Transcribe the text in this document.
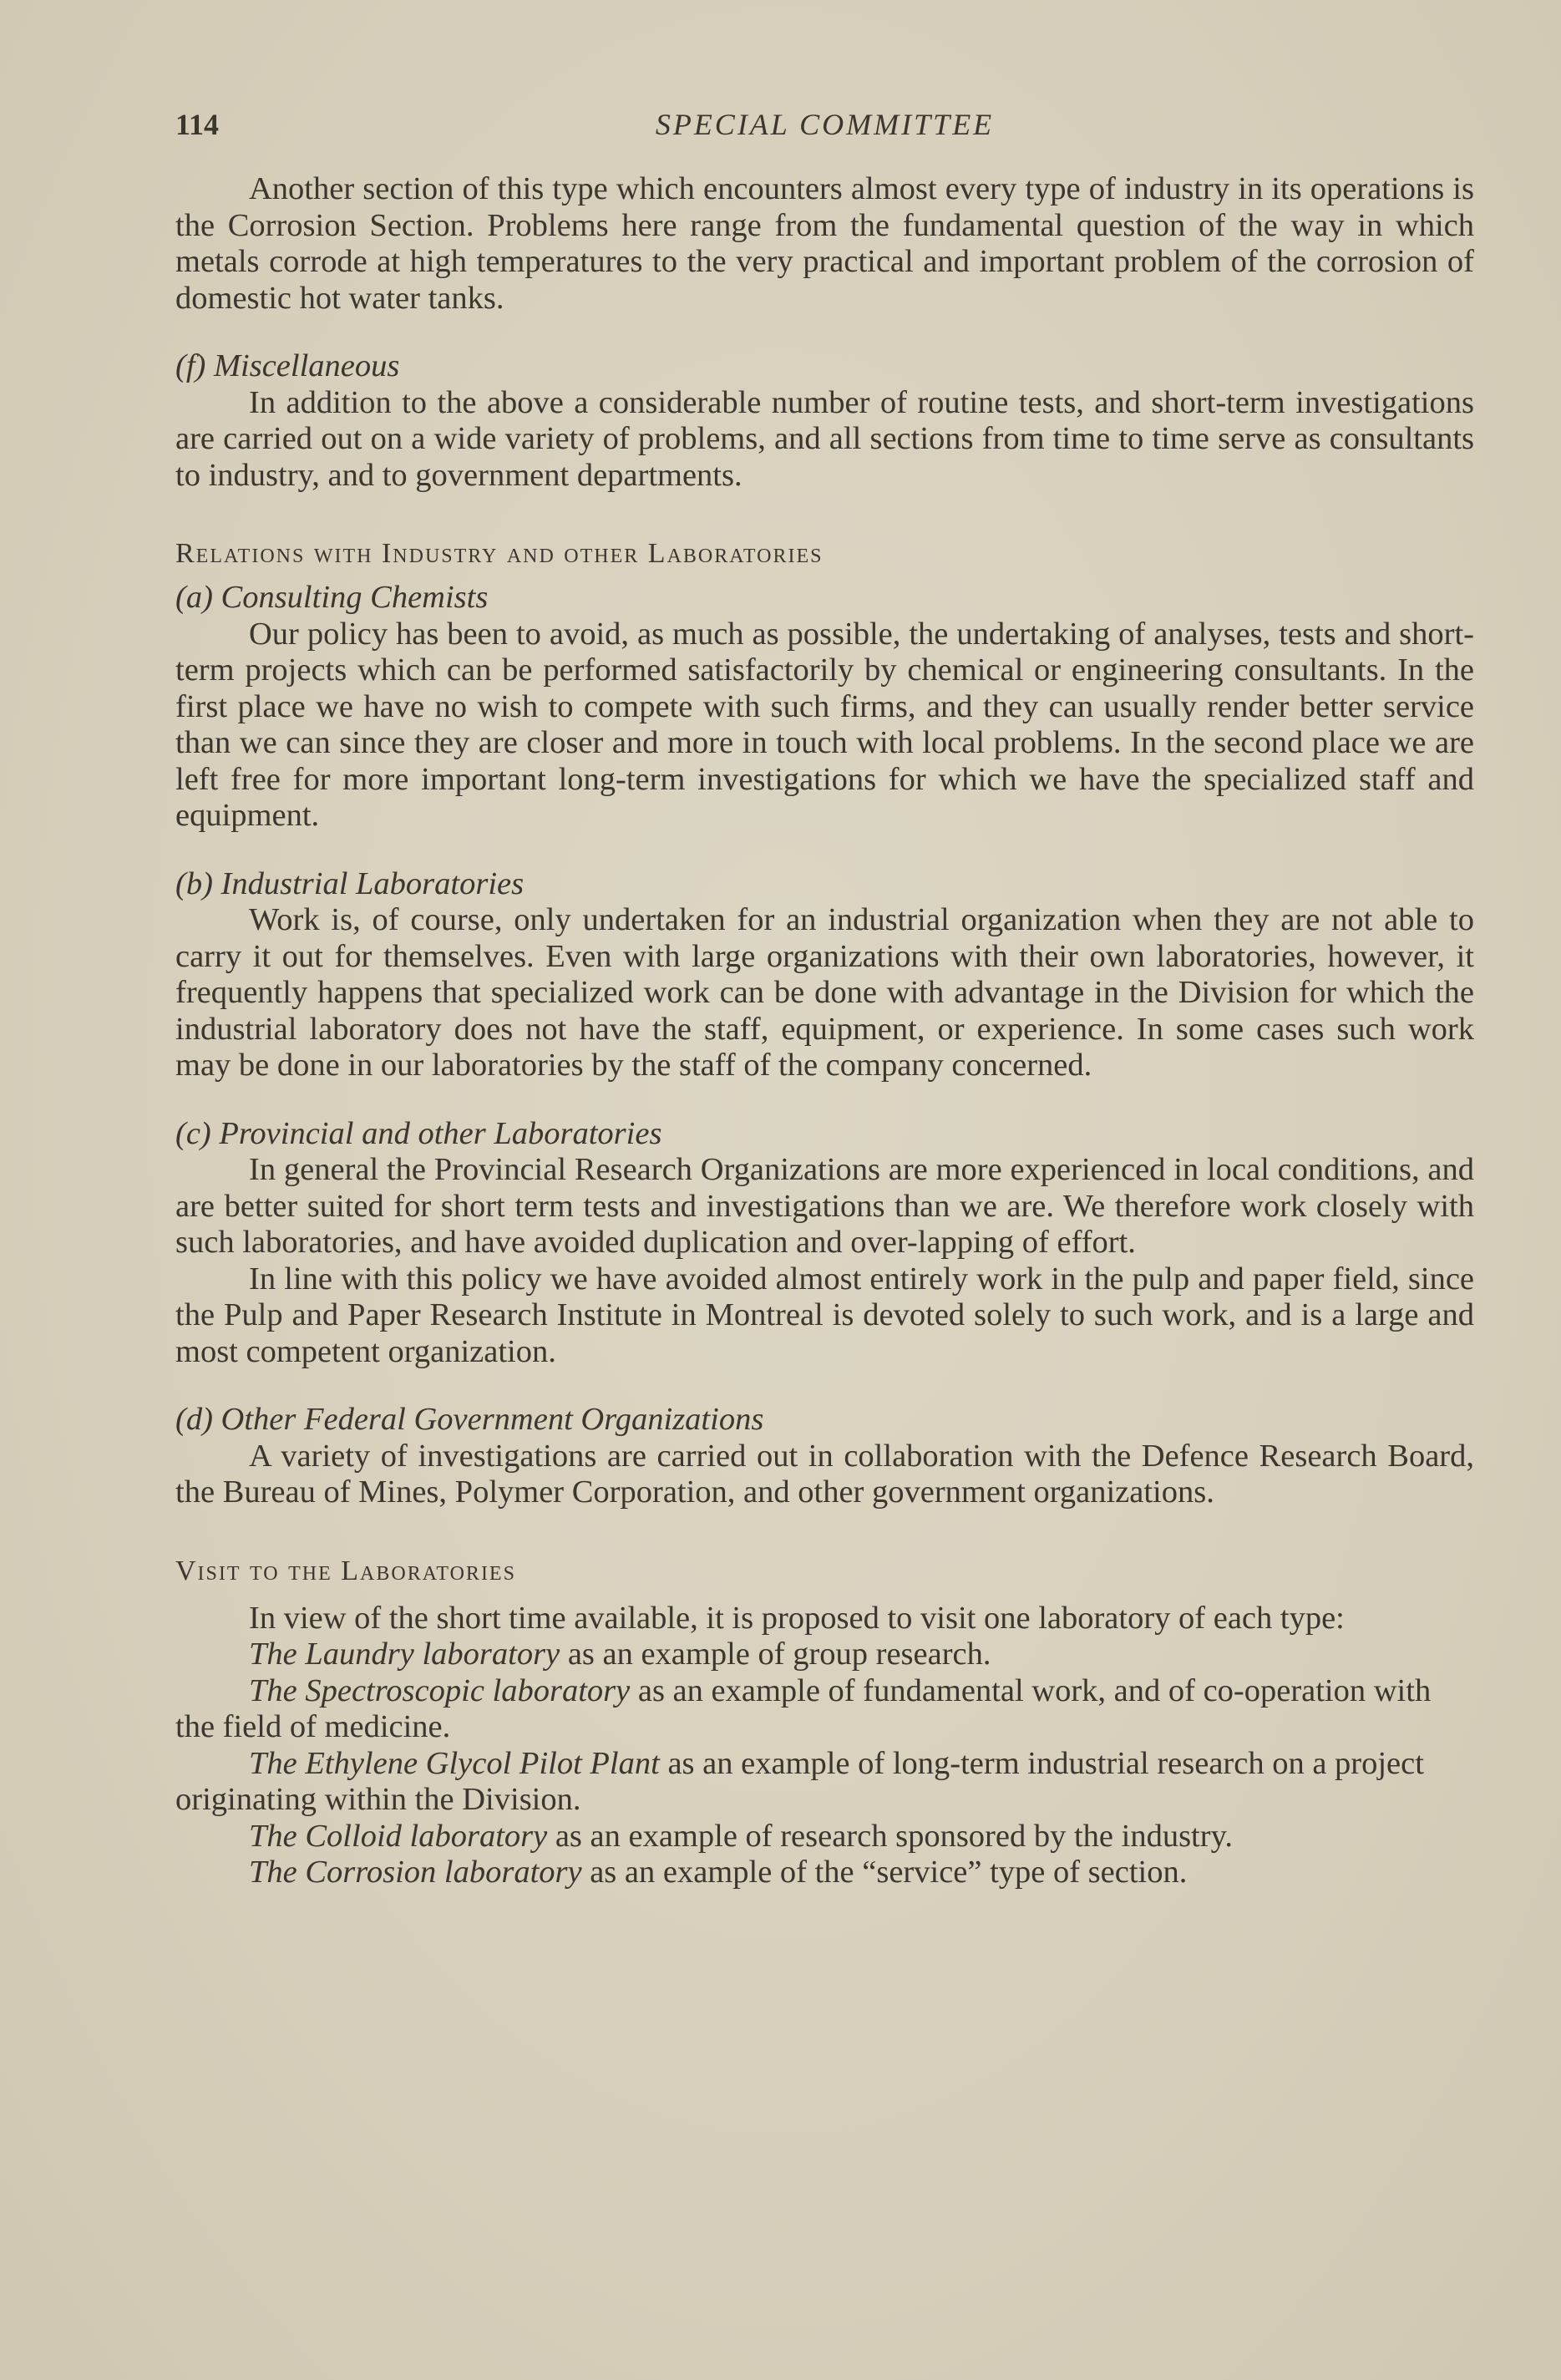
114	SPECIAL COMMITTEE

Another section of this type which encounters almost every type of industry in its operations is the Corrosion Section. Problems here range from the fundamental question of the way in which metals corrode at high temperatures to the very practical and important problem of the corrosion of domestic hot water tanks.

(f) Miscellaneous

In addition to the above a considerable number of routine tests, and short-term investigations are carried out on a wide variety of problems, and all sections from time to time serve as consultants to industry, and to government departments.

Relations with Industry and other Laboratories
(a) Consulting Chemists

Our policy has been to avoid, as much as possible, the undertaking of analyses, tests and short-term projects which can be performed satisfactorily by chemical or engineering consultants. In the first place we have no wish to compete with such firms, and they can usually render better service than we can since they are closer and more in touch with local problems. In the second place we are left free for more important long-term investigations for which we have the specialized staff and equipment.

(b) Industrial Laboratories

Work is, of course, only undertaken for an industrial organization when they are not able to carry it out for themselves. Even with large organizations with their own laboratories, however, it frequently happens that specialized work can be done with advantage in the Division for which the industrial laboratory does not have the staff, equipment, or experience. In some cases such work may be done in our laboratories by the staff of the company concerned.

(c) Provincial and other Laboratories

In general the Provincial Research Organizations are more experienced in local conditions, and are better suited for short term tests and investigations than we are. We therefore work closely with such laboratories, and have avoided duplication and over-lapping of effort.

In line with this policy we have avoided almost entirely work in the pulp and paper field, since the Pulp and Paper Research Institute in Montreal is devoted solely to such work, and is a large and most competent organization.

(d) Other Federal Government Organizations

A variety of investigations are carried out in collaboration with the Defence Research Board, the Bureau of Mines, Polymer Corporation, and other government organizations.

Visit to the Laboratories

In view of the short time available, it is proposed to visit one laboratory of each type:

The Laundry laboratory as an example of group research.

The Spectroscopic laboratory as an example of fundamental work, and of co-operation with the field of medicine.

The Ethylene Glycol Pilot Plant as an example of long-term industrial research on a project originating within the Division.

The Colloid laboratory as an example of research sponsored by the industry.

The Corrosion laboratory as an example of the “service” type of section.
